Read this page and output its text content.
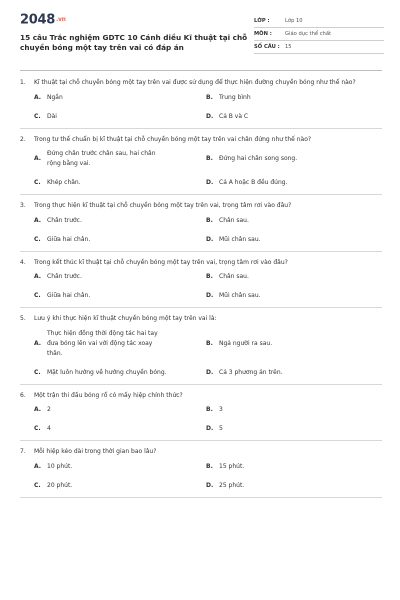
2048.vn
15 câu Trắc nghiệm GDTC 10 Cánh diều Kĩ thuật tại chỗ chuyền bóng một tay trên vai có đáp án
LỚP :	Lớp 10
MÔN :	Giáo dục thể chất
SỐ CÂU :	15
1.	Kĩ thuật tại chỗ chuyền bóng một tay trên vai được sử dụng để thực hiện đường chuyền bóng như thế nào?
A. Ngắn	B.	Trung bình
C.	Dài	D. Cả B và C
2.	Trong tư thế chuẩn bị kĩ thuật tại chỗ chuyền bóng một tay trên vai chân đứng như thế nào?
A.
Đứng chân trước chân sau, hai chân rộng bằng vai.
B.	Đứng hai chân song song.
C.	Khép chân.	D. Cả A hoặc B đều đúng.
3.	Trong thực hiện kĩ thuật tại chỗ chuyền bóng một tay trên vai, trọng tâm rơi vào đâu?
A. Chân trước.	B.	Chân sau.
C.	Giữa hai chân.	D. Mũi chân sau.
4.	Trong kết thúc kĩ thuật tại chỗ chuyền bóng một tay trên vai, trọng tâm rơi vào đâu?
A. Chân trước.	B.	Chân sau.
C.	Giữa hai chân.	D. Mũi chân sau.
5.	Lưu ý khi thực hiện kĩ thuật chuyền bóng một tay trên vai là:
A.
Thực hiện đồng thời động tác hai tay đưa bóng lên vai với động tác xoay thân.
B.	Ngả người ra sau.
C.	Mặt luôn hướng về hướng chuyền bóng.	D. Cả 3 phương án trên.
6.	Một trận thi đấu bóng rổ có mấy hiệp chính thức?
A. 2	B.	3
C.	4	D. 5
7.	Mỗi hiệp kéo dài trong thời gian bao lâu?
A. 10 phút.	B.	15 phút.
C.	20 phút.	D. 25 phút.
